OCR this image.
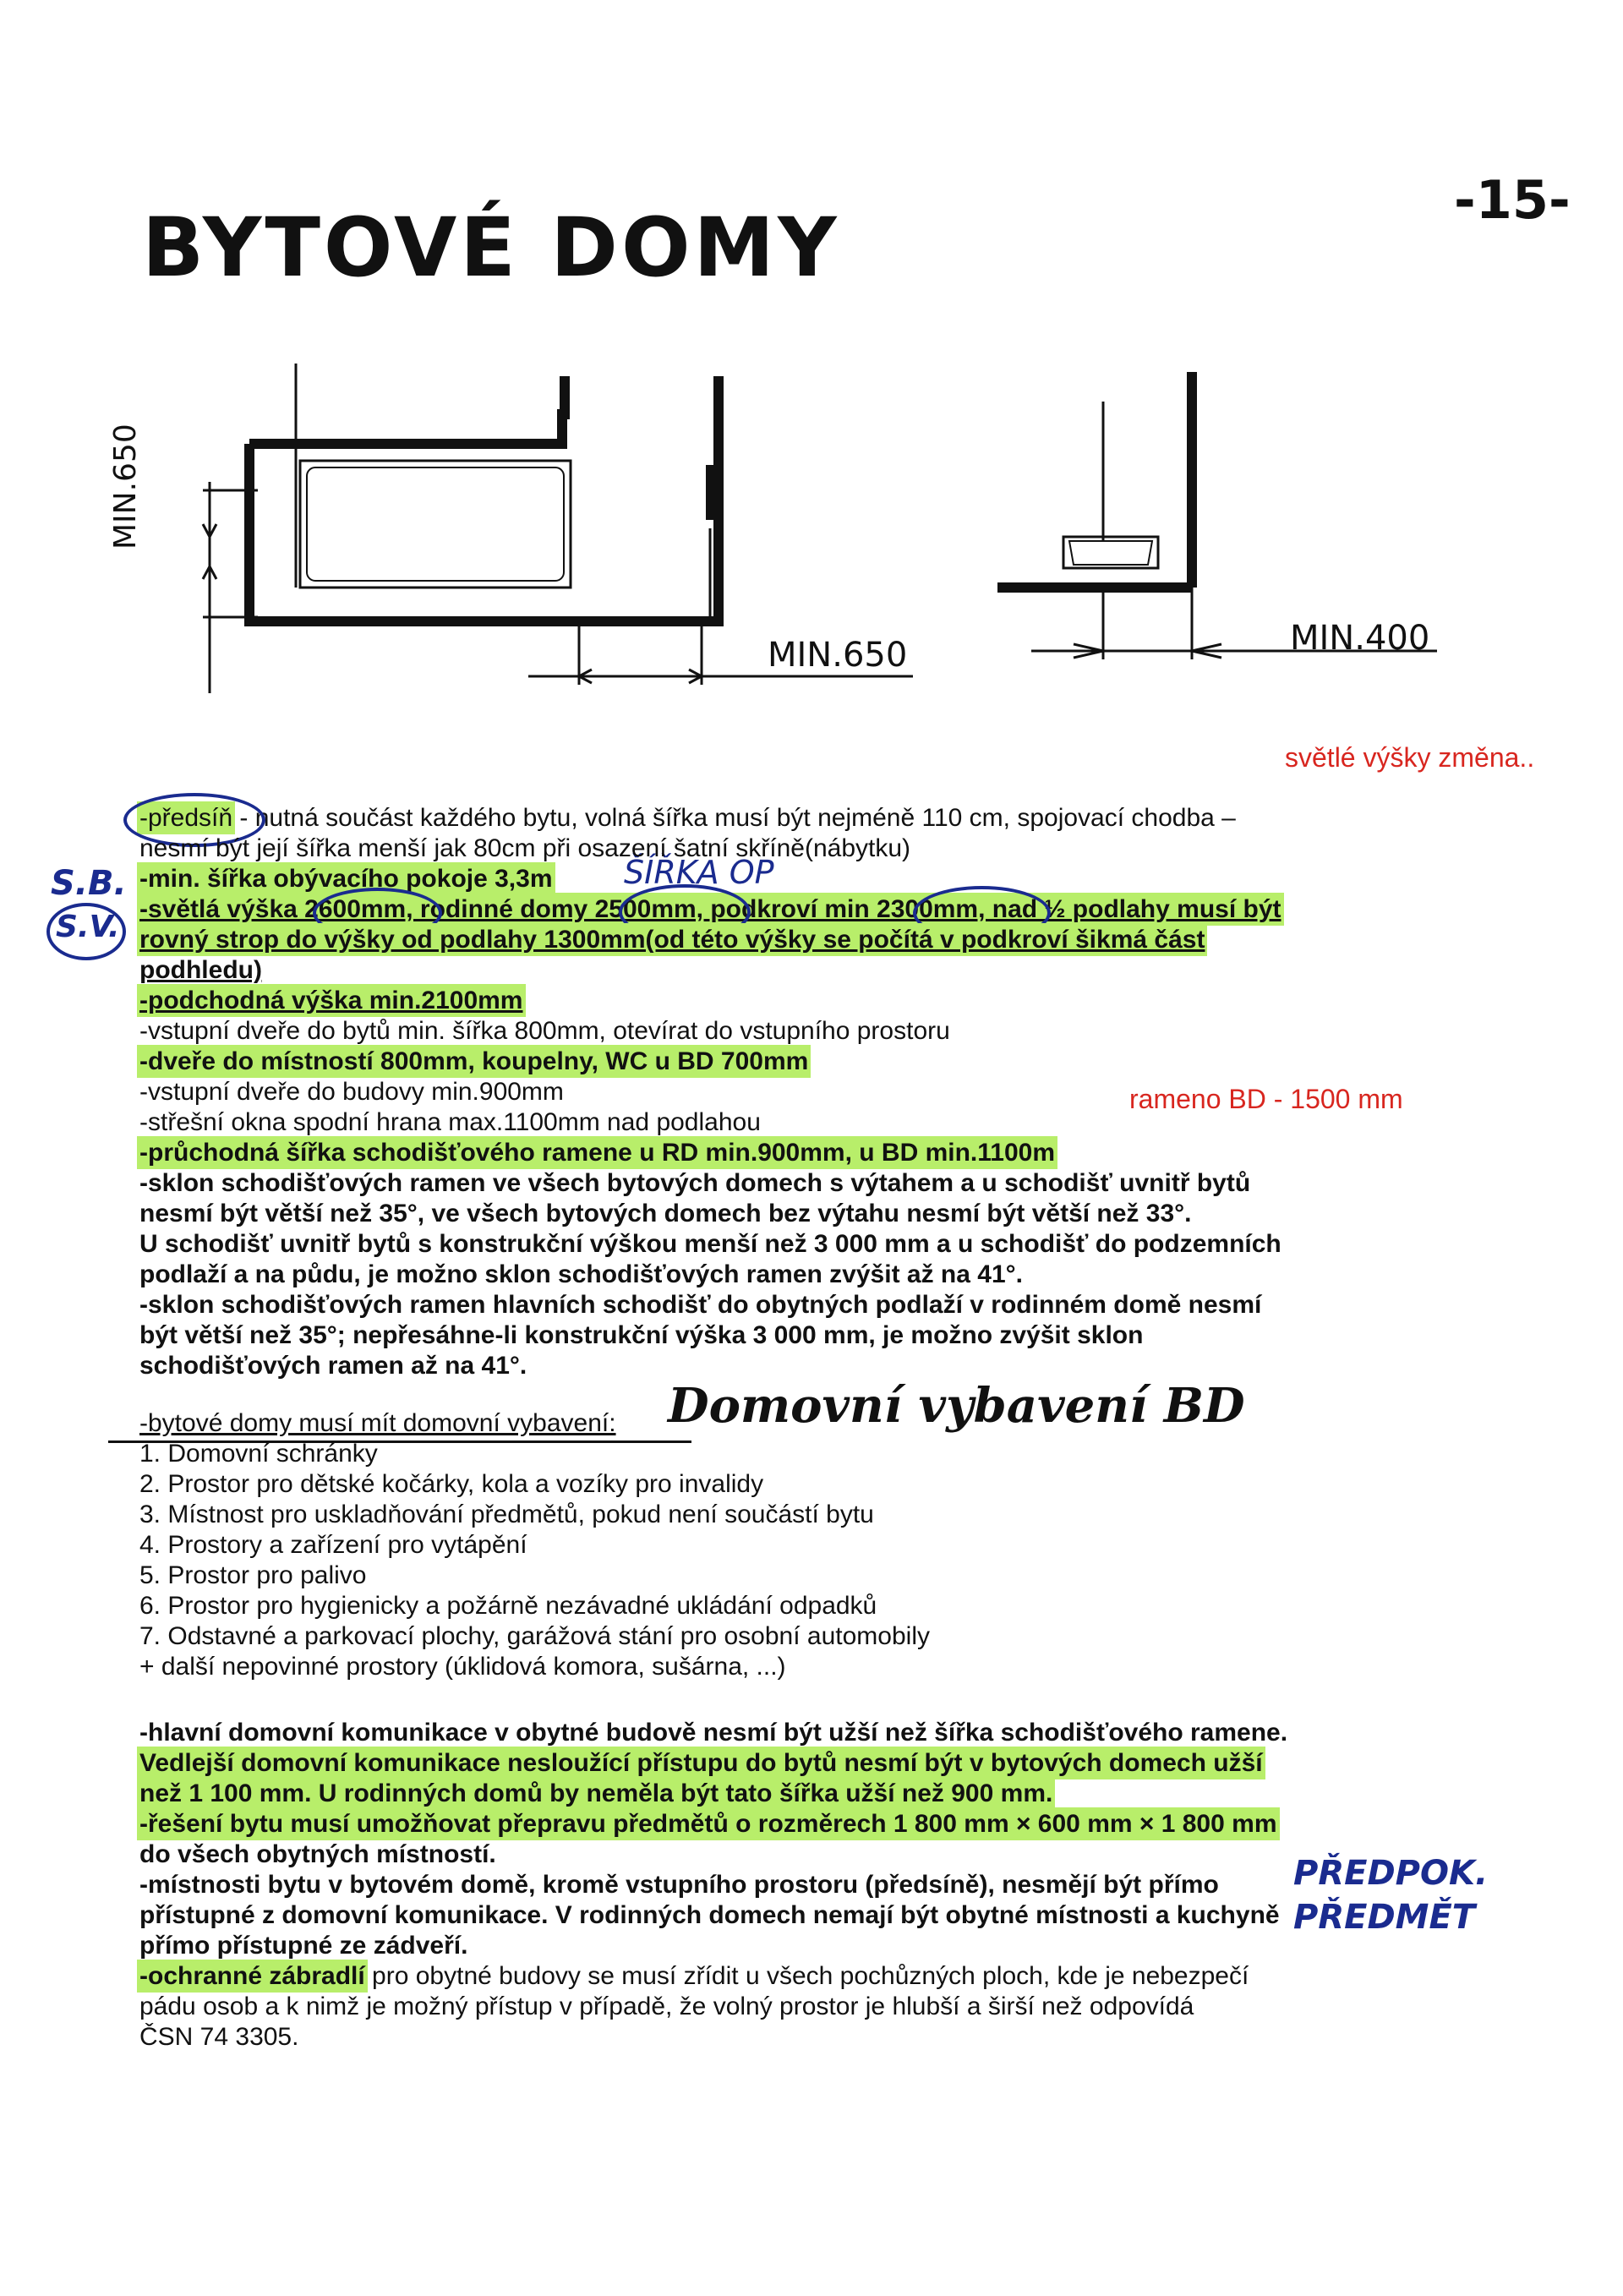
BYTOVÉ DOMY
-15-
MIN.650
MIN.650	MIN.400
světlé výšky změna..
rameno BD - 1500 mm
ŠÍŘKA OP
S.B.
S.V.
-předsíň - nutná součást každého bytu, volná šířka musí být nejméně 110 cm, spojovací chodba –
nesmí být její šířka menší jak 80cm při osazení šatní skříně(nábytku)
-min. šířka obývacího pokoje 3,3m
-světlá výška 2600mm, rodinné domy 2500mm, podkroví min 2300mm, nad ½ podlahy musí být
rovný strop do výšky od podlahy 1300mm(od této výšky se počítá v podkroví šikmá část
podhledu)
-podchodná výška min.2100mm
-vstupní dveře do bytů min. šířka 800mm, otevírat do vstupního prostoru
-dveře do místností 800mm, koupelny, WC u BD 700mm
-vstupní dveře do budovy min.900mm
-střešní okna spodní hrana max.1100mm nad podlahou
-průchodná šířka schodišťového ramene u RD min.900mm, u BD min.1100m
-sklon schodišťových ramen ve všech bytových domech s výtahem a u schodišť uvnitř bytů
nesmí být větší než 35°, ve všech bytových domech bez výtahu nesmí být větší než 33°.
U schodišť uvnitř bytů s konstrukční výškou menší než 3 000 mm a u schodišť do podzemních
podlaží a na půdu, je možno sklon schodišťových ramen zvýšit až na 41°.
-sklon schodišťových ramen hlavních schodišť do obytných podlaží v rodinném domě nesmí
být větší než 35°; nepřesáhne-li konstrukční výška 3 000 mm, je možno zvýšit sklon
schodišťových ramen až na 41°.
-bytové domy musí mít domovní vybavení: Domovní vybavení BD
1. Domovní schránky
2. Prostor pro dětské kočárky, kola a vozíky pro invalidy
3. Místnost pro uskladňování předmětů, pokud není součástí bytu
4. Prostory a zařízení pro vytápění
5. Prostor pro palivo
6. Prostor pro hygienicky a požárně nezávadné ukládání odpadků
7. Odstavné a parkovací plochy, garážová stání pro osobní automobily
+ další nepovinné prostory (úklidová komora, sušárna, ...)
-hlavní domovní komunikace v obytné budově nesmí být užší než šířka schodišťového ramene.
Vedlejší domovní komunikace nesloužící přístupu do bytů nesmí být v bytových domech užší
než 1 100 mm. U rodinných domů by neměla být tato šířka užší než 900 mm.
-řešení bytu musí umožňovat přepravu předmětů o rozměrech 1 800 mm × 600 mm × 1 800 mm
do všech obytných místností.	PŘEDPOK. PŘEDMĚT
-místnosti bytu v bytovém domě, kromě vstupního prostoru (předsíně), nesmějí být přímo
přístupné z domovní komunikace. V rodinných domech nemají být obytné místnosti a kuchyně
přímo přístupné ze zádveří.
-ochranné zábradlí pro obytné budovy se musí zřídit u všech pochůzných ploch, kde je nebezpečí
pádu osob a k nimž je možný přístup v případě, že volný prostor je hlubší a širší než odpovídá
ČSN 74 3305.
